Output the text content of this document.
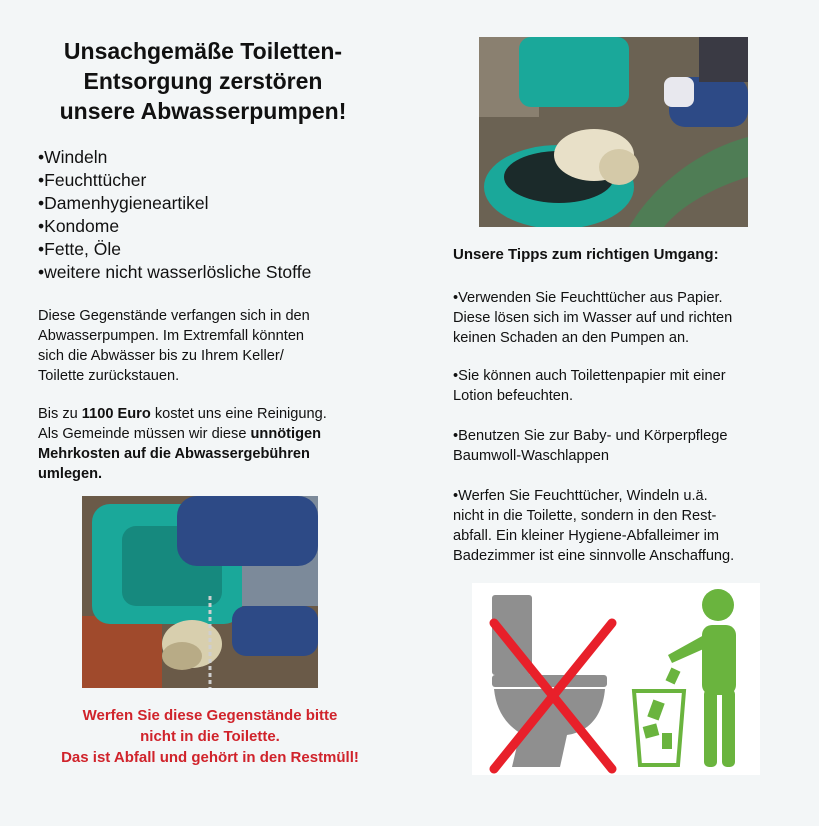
Unsachgemäße Toiletten-
Entsorgung zerstören
unsere Abwasserpumpen!
• Windeln
• Feuchttücher
• Damenhygieneartikel
• Kondome
• Fette, Öle
• weitere nicht wasserlösliche Stoffe

Diese Gegenstände verfangen sich in den
Abwasserpumpen. Im Extremfall könnten
sich die Abwässer bis zu Ihrem Keller/
Toilette zurückstauen.

Bis zu 1100 Euro kostet uns eine Reinigung.
Als Gemeinde müssen wir diese unnötigen
Mehrkosten auf die Abwassergebühren
umlegen.

Werfen Sie diese Gegenstände bitte
nicht in die Toilette.
Das ist Abfall und gehört in den Restmüll!

Unsere Tipps zum richtigen Umgang:

•Verwenden Sie Feuchttücher aus Papier.
Diese lösen sich im Wasser auf und richten
keinen Schaden an den Pumpen an.

•Sie können auch Toilettenpapier mit einer
Lotion befeuchten.

•Benutzen Sie zur Baby- und Körperpflege
Baumwoll-Waschlappen

•Werfen Sie Feuchttücher, Windeln u.ä.
nicht in die Toilette, sondern in den Rest-
abfall. Ein kleiner Hygiene-Abfalleimer im
Badezimmer ist eine sinnvolle Anschaffung.
